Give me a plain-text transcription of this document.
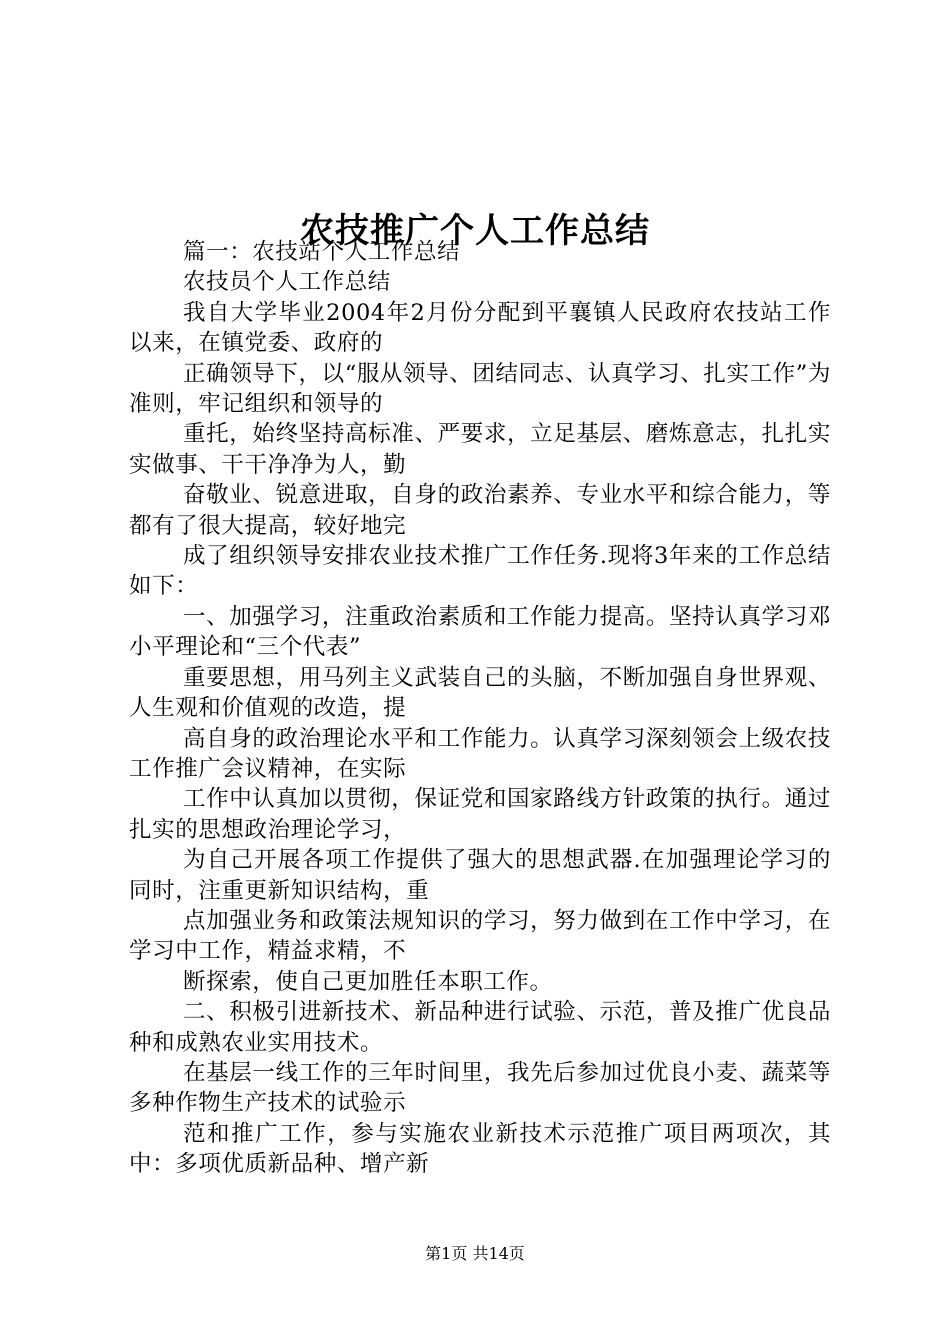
农技推广个人工作总结

篇一：农技站个人工作总结

农技员个人工作总结

我自大学毕业2004年2月份分配到平襄镇人民政府农技站工作以来，在镇党委、政府的

正确领导下，以“服从领导、团结同志、认真学习、扎实工作”为准则，牢记组织和领导的

重托，始终坚持高标准、严要求，立足基层、磨炼意志，扎扎实实做事、干干净净为人，勤

奋敬业、锐意进取，自身的政治素养、专业水平和综合能力，等都有了很大提高，较好地完

成了组织领导安排农业技术推广工作任务.现将3年来的工作总结如下：

一、加强学习，注重政治素质和工作能力提高。坚持认真学习邓小平理论和“三个代表”

重要思想，用马列主义武装自己的头脑，不断加强自身世界观、人生观和价值观的改造，提

高自身的政治理论水平和工作能力。认真学习深刻领会上级农技工作推广会议精神，在实际

工作中认真加以贯彻，保证党和国家路线方针政策的执行。通过扎实的思想政治理论学习，

为自己开展各项工作提供了强大的思想武器.在加强理论学习的同时，注重更新知识结构，重

点加强业务和政策法规知识的学习，努力做到在工作中学习，在学习中工作，精益求精，不

断探索，使自己更加胜任本职工作。

二、积极引进新技术、新品种进行试验、示范，普及推广优良品种和成熟农业实用技术。

在基层一线工作的三年时间里，我先后参加过优良小麦、蔬菜等多种作物生产技术的试验示

范和推广工作，参与实施农业新技术示范推广项目两项次，其中：多项优质新品种、增产新

第1页 共14页
